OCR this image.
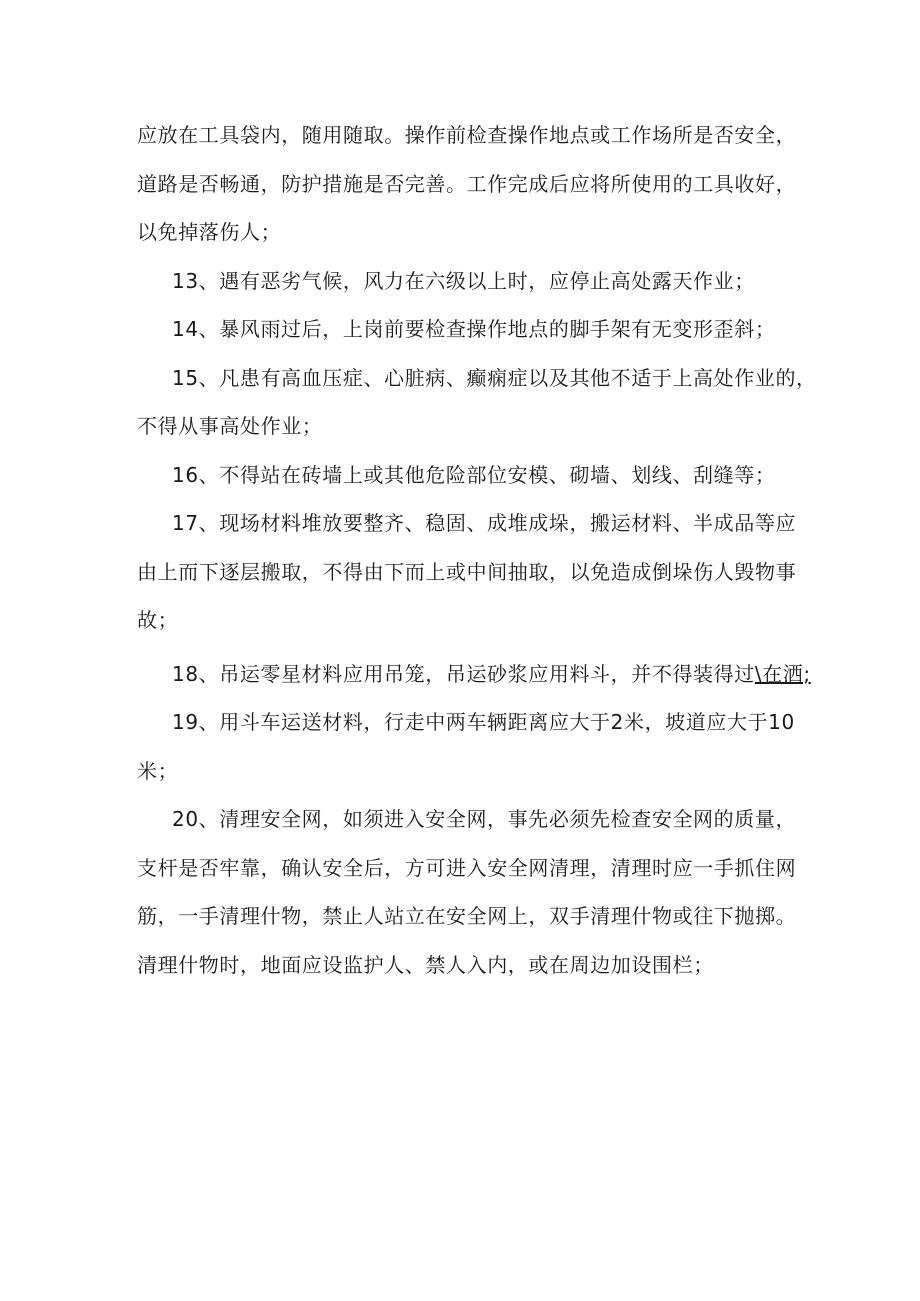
应放在工具袋内，随用随取。操作前检查操作地点或工作场所是否安全，

道路是否畅通，防护措施是否完善。工作完成后应将所使用的工具收好，

以免掉落伤人；

13、遇有恶劣气候，风力在六级以上时，应停止高处露天作业；

14、暴风雨过后，上岗前要检查操作地点的脚手架有无变形歪斜；

15、凡患有高血压症、心脏病、癫痫症以及其他不适于上高处作业的，

不得从事高处作业；

16、不得站在砖墙上或其他危险部位安模、砌墙、划线、刮缝等；

17、现场材料堆放要整齐、稳固、成堆成垛，搬运材料、半成品等应

由上而下逐层搬取，不得由下而上或中间抽取，以免造成倒垛伤人毁物事

故；

18、吊运零星材料应用吊笼，吊运砂浆应用料斗，并不得装得过\在洒;

19、用斗车运送材料，行走中两车辆距离应大于2米，坡道应大于10

米；

20、清理安全网，如须进入安全网，事先必须先检查安全网的质量，

支杆是否牢靠，确认安全后，方可进入安全网清理，清理时应一手抓住网

筋，一手清理什物，禁止人站立在安全网上，双手清理什物或往下抛掷。

清理什物时，地面应设监护人、禁人入内，或在周边加设围栏；
